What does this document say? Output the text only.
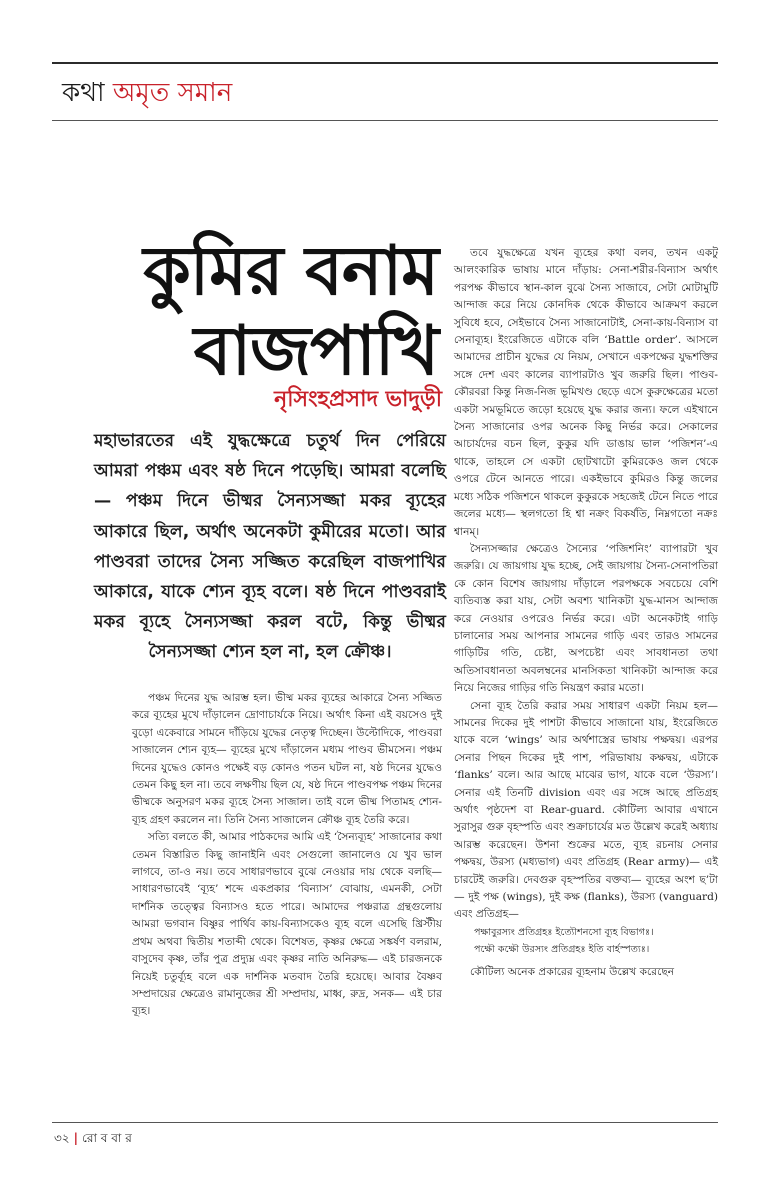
কথা অমৃত সমান
কুমির বনাম বাজপাখি
নৃসিংহপ্রসাদ ভাদুড়ী
মহাভারতের এই যুদ্ধক্ষেত্রে চতুর্থ দিন পেরিয়ে আমরা পঞ্চম এবং ষষ্ঠ দিনে পড়েছি। আমরা বলেছি— পঞ্চম দিনে ভীষ্মর সৈন্যসজ্জা মকর ব্যূহের আকারে ছিল, অর্থাৎ অনেকটা কুমীরের মতো। আর পাণ্ডবরা তাদের সৈন্য সজ্জিত করেছিল বাজপাখির আকারে, যাকে শ্যেন ব্যূহ বলে। ষষ্ঠ দিনে পাণ্ডবরাই মকর ব্যূহে সৈন্যসজ্জা করল বটে, কিন্তু ভীষ্মর সৈন্যসজ্জা শ্যেন হল না, হল ক্রৌঞ্চ।

পঞ্চম দিনের যুদ্ধ আরম্ভ হল। ভীষ্ম মকর ব্যূহের আকারে সৈন্য সজ্জিত করে ব্যূহের মুখে দাঁড়ালেন দ্রোণাচার্যকে নিয়ে। অর্থাৎ কিনা এই বয়সেও দুই বুড়ো একেবারে সামনে দাঁড়িয়ে যুদ্ধের নেতৃত্ব দিচ্ছেন। উল্টোদিকে, পাণ্ডবরা সাজালেন শ্যেন ব্যূহ— ব্যূহের মুখে দাঁড়ালেন মধ্যম পাণ্ডব ভীমসেন। পঞ্চম দিনের যুদ্ধেও কোনও পক্ষেই বড় কোনও পতন ঘটল না, ষষ্ঠ দিনের যুদ্ধেও তেমন কিছু হল না। তবে লক্ষণীয় ছিল যে, ষষ্ঠ দিনে পাণ্ডবপক্ষ পঞ্চম দিনের ভীষ্মকে অনুসরণ মকর ব্যূহে সৈন্য সাজাল। তাই বলে ভীষ্ম পিতামহ শ্যেন- ব্যূহ গ্রহণ করলেন না। তিনি সৈন্য সাজালেন ক্রৌঞ্চ ব্যূহ তৈরি করে।

সত্যি বলতে কী, আমার পাঠকদের আমি এই ‘সৈন্যব্যূহ’ সাজানোর কথা তেমন বিস্তারিত কিছু জানাইনি এবং সেগুলো জানালেও যে খুব ভাল লাগবে, তা-ও নয়। তবে সাধারণভাবে বুঝে নেওয়ার দায় থেকে বলছি— সাধারণভাবেই ‘ব্যূহ’ শব্দে একপ্রকার ‘বিন্যাস’ বোঝায়, এমনকী, সেটা দার্শনিক তত্ত্বের বিন্যাসও হতে পারে। আমাদের পঞ্চরাত্র গ্রন্থগুলোয় আমরা ভগবান বিষ্ণুর পার্থিব কায়-বিন্যাসকেও ব্যূহ বলে এসেছি খ্রিস্টীয় প্রথম অথবা দ্বিতীয় শতাব্দী থেকে। বিশেষত, কৃষ্ণর ক্ষেত্রে সঙ্কর্ষণ বলরাম, বাসুদেব কৃষ্ণ, তাঁর পুত্র প্রদ্যুম্ন এবং কৃষ্ণর নাতি অনিরুদ্ধ— এই চারজনকে নিয়েই চতুর্ব্যূহ বলে এক দার্শনিক মতবাদ তৈরি হয়েছে। আবার বৈষ্ণব সম্প্রদায়ের ক্ষেত্রেও রামানুজের শ্রী সম্প্রদায়, মাধ্ব, রুদ্র, সনক— এই চার ব্যূহ।

তবে যুদ্ধক্ষেত্রে যখন ব্যূহের কথা বলব, তখন একটু আলংকারিক ভাষায় মানে দাঁড়ায়: সেনা-শরীর-বিন্যাস অর্থাৎ পরপক্ষ কীভাবে স্থান-কাল বুঝে সৈন্য সাজাবে, সেটা মোটামুটি আন্দাজ করে নিয়ে কোনদিক থেকে কীভাবে আক্রমণ করলে সুবিধে হবে, সেইভাবে সৈন্য সাজানোটাই, সেনা-কায়-বিন্যাস বা সেনাব্যূহ। ইংরেজিতে এটাকে বলি ‘Battle order’. আসলে আমাদের প্রাচীন যুদ্ধের যে নিয়ম, সেখানে একপক্ষের যুদ্ধশক্তির সঙ্গে দেশ এবং কালের ব্যাপারটাও খুব জরুরি ছিল। পাণ্ডব-কৌরবরা কিন্তু নিজ-নিজ ভূমিখণ্ড ছেড়ে এসে কুরুক্ষেত্রের মতো একটা সমভূমিতে জড়ো হয়েছে যুদ্ধ করার জন্য। ফলে এইখানে সৈন্য সাজানোর ওপর অনেক কিছু নির্ভর করে। সেকালের আচার্যদের বচন ছিল, কুকুর যদি ডাঙায় ভাল ‘পজিশন’-এ থাকে, তাহলে সে একটা ছোটখাটো কুমিরকেও জল থেকে ওপরে টেনে আনতে পারে। একইভাবে কুমিরও কিন্তু জলের মধ্যে সঠিক পজিশনে থাকলে কুকুরকে সহজেই টেনে নিতে পারে জলের মধ্যে— স্থলগতো হি শ্বা নক্রং বিকর্ষতি, নিম্নগতো নক্রঃ শ্বানম্।

সৈন্যসজ্জার ক্ষেত্রেও সৈন্যের ‘পজিশনিং’ ব্যাপারটা খুব জরুরি। যে জায়গায় যুদ্ধ হচ্ছে, সেই জায়গায় সৈন্য-সেনাপতিরা কে কোন বিশেষ জায়গায় দাঁড়ালে পরপক্ষকে সবচেয়ে বেশি ব্যতিব্যস্ত করা যায়, সেটা অবশ্য খানিকটা যুদ্ধ-মানস আন্দাজ করে নেওয়ার ওপরেও নির্ভর করে। এটা অনেকটাই গাড়ি চালানোর সময় আপনার সামনের গাড়ি এবং তারও সামনের গাড়িটির গতি, চেষ্টা, অপচেষ্টা এবং সাবধানতা তথা অতিসাবধানতা অবলম্বনের মানসিকতা খানিকটা আন্দাজ করে নিয়ে নিজের গাড়ির গতি নিয়ন্ত্রণ করার মতো।

সেনা ব্যূহ তৈরি করার সময় সাধারণ একটা নিয়ম হল— সামনের দিকের দুই পাশটা কীভাবে সাজানো যায়, ইংরেজিতে যাকে বলে ‘wings’ আর অর্থশাস্ত্রের ভাষায় পক্ষদ্বয়। এরপর সেনার পিছন দিকের দুই পাশ, পরিভাষায় কক্ষদ্বয়, এটাকে ‘flanks’ বলে। আর আছে মাঝের ভাগ, যাকে বলে ‘উরস্য’। সেনার এই তিনটি division এবং এর সঙ্গে আছে প্রতিগ্রহ অর্থাৎ পৃষ্ঠদেশ বা Rear-guard. কৌটিল্য আবার এখানে সুরাসুর গুরু বৃহস্পতি এবং শুক্রাচার্যের মত উল্লেখ করেই অধ্যায় আরম্ভ করেছেন। উশনা শুক্রের মতে, ব্যূহ রচনায় সেনার পক্ষদ্বয়, উরস্য (মধ্যভাগ) এবং প্রতিগ্রহ (Rear army)— এই চারটেই জরুরি। দেবগুরু বৃহস্পতির বক্তব্য— ব্যূহের অংশ ছ’টা— দুই পক্ষ (wings), দুই কক্ষ (flanks), উরস্য (vanguard) এবং প্রতিগ্রহ—

পক্ষাবুরস্যং প্রতিগ্রহঃ ইত্যৌশনসো ব্যূহ বিভাগঃ।

পক্ষৌ কক্ষৌ উরস্যং প্রতিগ্রহঃ ইতি বার্হস্পত্যঃ।

কৌটিল্য অনেক প্রকারের ব্যূহনাম উল্লেখ করেছেন

৩২ | রো ব বা র
